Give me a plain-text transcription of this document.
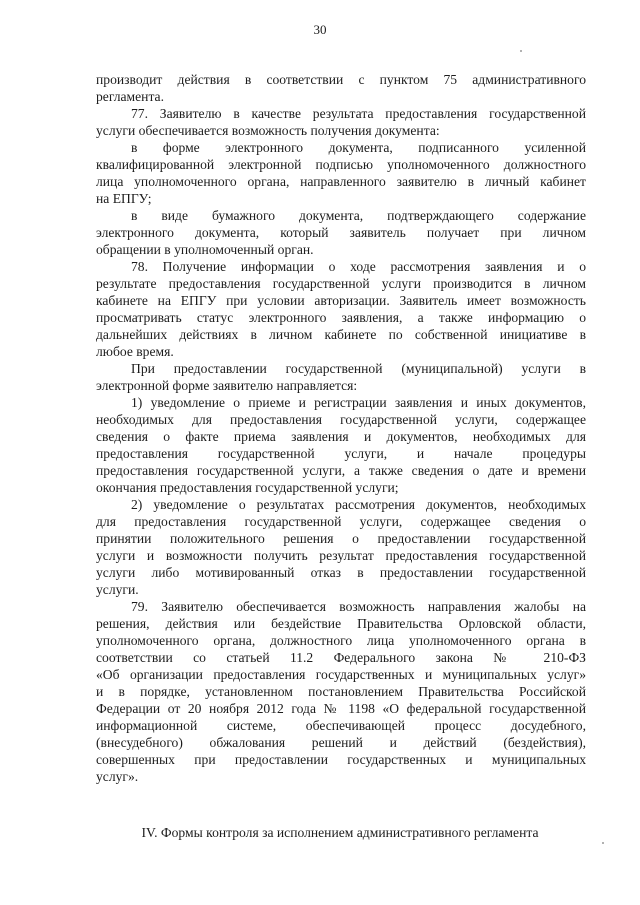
30
производит действия в соответствии с пунктом 75 административного
регламента.
77. Заявителю в качестве результата предоставления государственной
услуги обеспечивается возможность получения документа:
в форме электронного документа, подписанного усиленной
квалифицированной электронной подписью уполномоченного должностного
лица уполномоченного органа, направленного заявителю в личный кабинет
на ЕПГУ;
в виде бумажного документа, подтверждающего содержание
электронного документа, который заявитель получает при личном
обращении в уполномоченный орган.
78. Получение информации о ходе рассмотрения заявления и о
результате предоставления государственной услуги производится в личном
кабинете на ЕПГУ при условии авторизации. Заявитель имеет возможность
просматривать статус электронного заявления, а также информацию о
дальнейших действиях в личном кабинете по собственной инициативе в
любое время.
При предоставлении государственной (муниципальной) услуги в
электронной форме заявителю направляется:
1) уведомление о приеме и регистрации заявления и иных документов,
необходимых для предоставления государственной услуги, содержащее
сведения о факте приема заявления и документов, необходимых для
предоставления государственной услуги, и начале процедуры
предоставления государственной услуги, а также сведения о дате и времени
окончания предоставления государственной услуги;
2) уведомление о результатах рассмотрения документов, необходимых
для предоставления государственной услуги, содержащее сведения о
принятии положительного решения о предоставлении государственной
услуги и возможности получить результат предоставления государственной
услуги либо мотивированный отказ в предоставлении государственной
услуги.
79. Заявителю обеспечивается возможность направления жалобы на
решения, действия или бездействие Правительства Орловской области,
уполномоченного органа, должностного лица уполномоченного органа в
соответствии со статьей 11.2 Федерального закона № 210-ФЗ
«Об организации предоставления государственных и муниципальных услуг»
и в порядке, установленном постановлением Правительства Российской
Федерации от 20 ноября 2012 года № 1198 «О федеральной государственной
информационной системе, обеспечивающей процесс досудебного,
(внесудебного) обжалования решений и действий (бездействия),
совершенных при предоставлении государственных и муниципальных
услуг».
IV. Формы контроля за исполнением административного регламента
